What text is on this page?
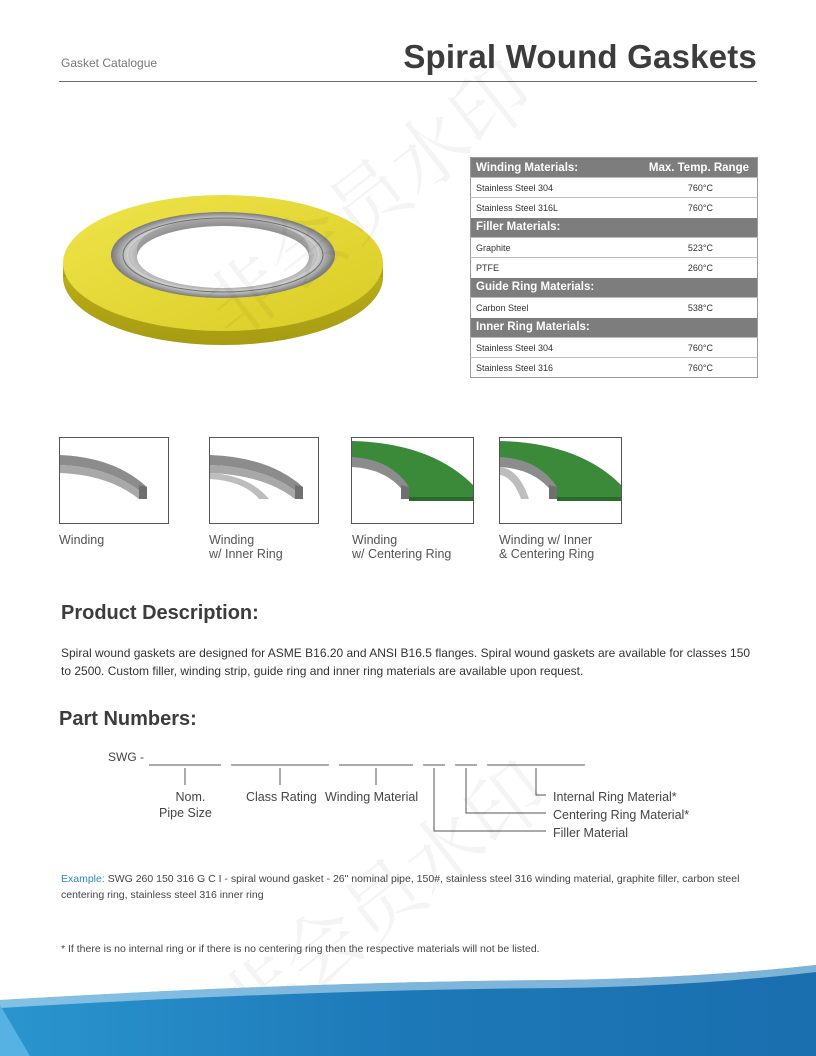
Gasket Catalogue	Spiral Wound Gaskets
Winding Materials:	Max. Temp. Range
Stainless Steel 304	760°C
Stainless Steel 316L	760°C
Filler Materials:	
Graphite	523°C
PTFE	260°C
Guide Ring Materials:	
Carbon Steel	538°C
Inner Ring Materials:	
Stainless Steel 304	760°C
Stainless Steel 316	760°C
Winding	Winding
w/ Inner Ring
Winding
w/ Centering Ring
Winding w/ Inner
& Centering Ring
Product Description:
Spiral wound gaskets are designed for ASME B16.20 and ANSI B16.5 flanges. Spiral wound gaskets are available for classes 150 to 2500. Custom filler, winding strip, guide ring and inner ring materials are available upon request.
Part Numbers:
SWG -
Nom.
Pipe Size
Class Rating Winding Material	Internal Ring Material*
Centering Ring Material*
Filler Material
Example: SWG 260 150 316 G C I - spiral wound gasket - 26" nominal pipe, 150#, stainless steel 316 winding material, graphite filler, carbon steel centering ring, stainless steel 316 inner ring
* If there is no internal ring or if there is no centering ring then the respective materials will not be listed.
